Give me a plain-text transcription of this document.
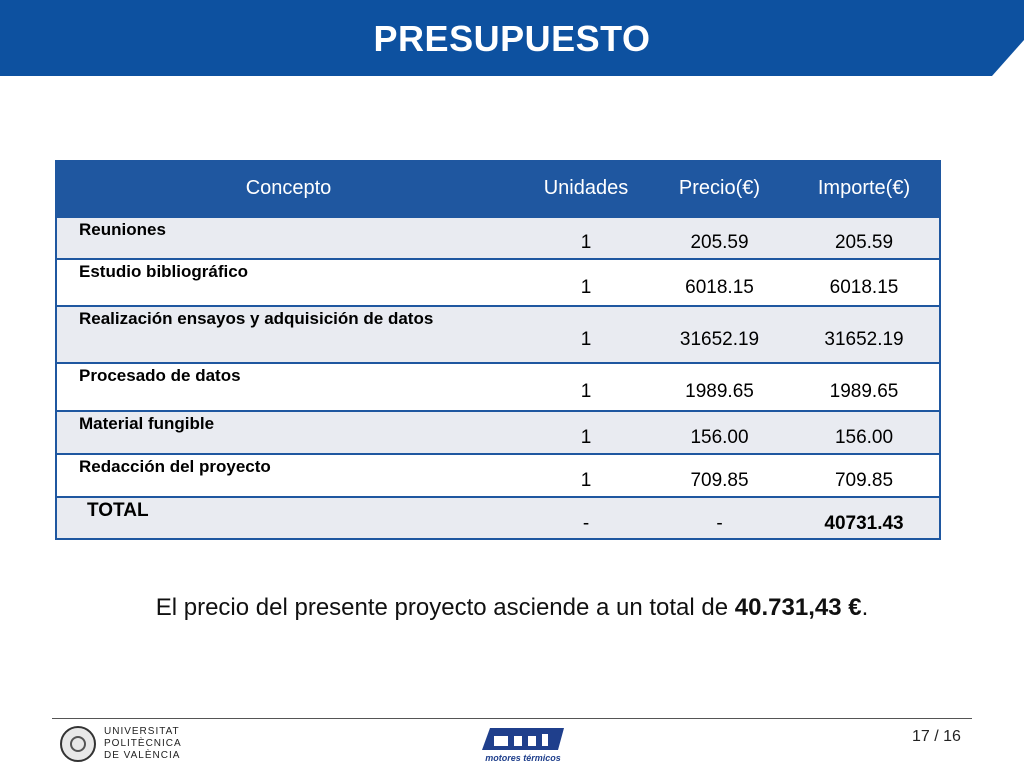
PRESUPUESTO
Concepto	Unidades	Precio(€)	Importe(€)

Reuniones	1	205.59	205.59

Estudio bibliográfico	1	6018.15	6018.15

Realización ensayos y adquisición de datos	1	31652.19	31652.19

Procesado de datos	1	1989.65	1989.65

Material fungible	1	156.00	156.00

Redacción del proyecto	1	709.85	709.85

TOTAL	-	-	40731.43
El precio del presente proyecto asciende a un total de 40.731,43 €.
UNIVERSITAT
POLITÈCNICA
DE VALÈNCIA	motores térmicos
17 / 16
